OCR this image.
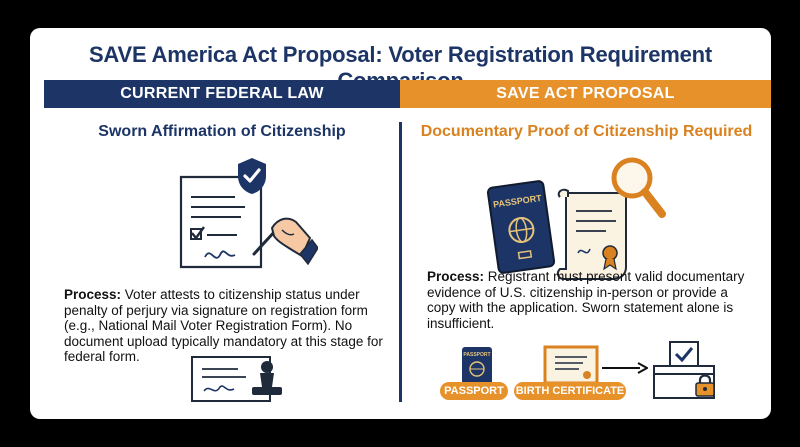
SAVE America Act Proposal: Voter Registration Requirement
CURRENT FEDERAL LAW	SAVE ACT PROPOSAL
Sworn Affirmation of Citizenship	Documentary Proof of Citizenship Required
Process: Voter attests to citizenship status under penalty of perjury via signature on registration form (e.g., National Mail Voter Registration Form). No document upload typically mandatory at this stage for federal form.
PASSPORT
Process: Registrant must present valid documentary evidence of U.S. citizenship in-person or provide a copy with the application. Sworn statement alone is insufficient.
PASSPORT
PASSPORT	BIRTH CERTIFICATE
